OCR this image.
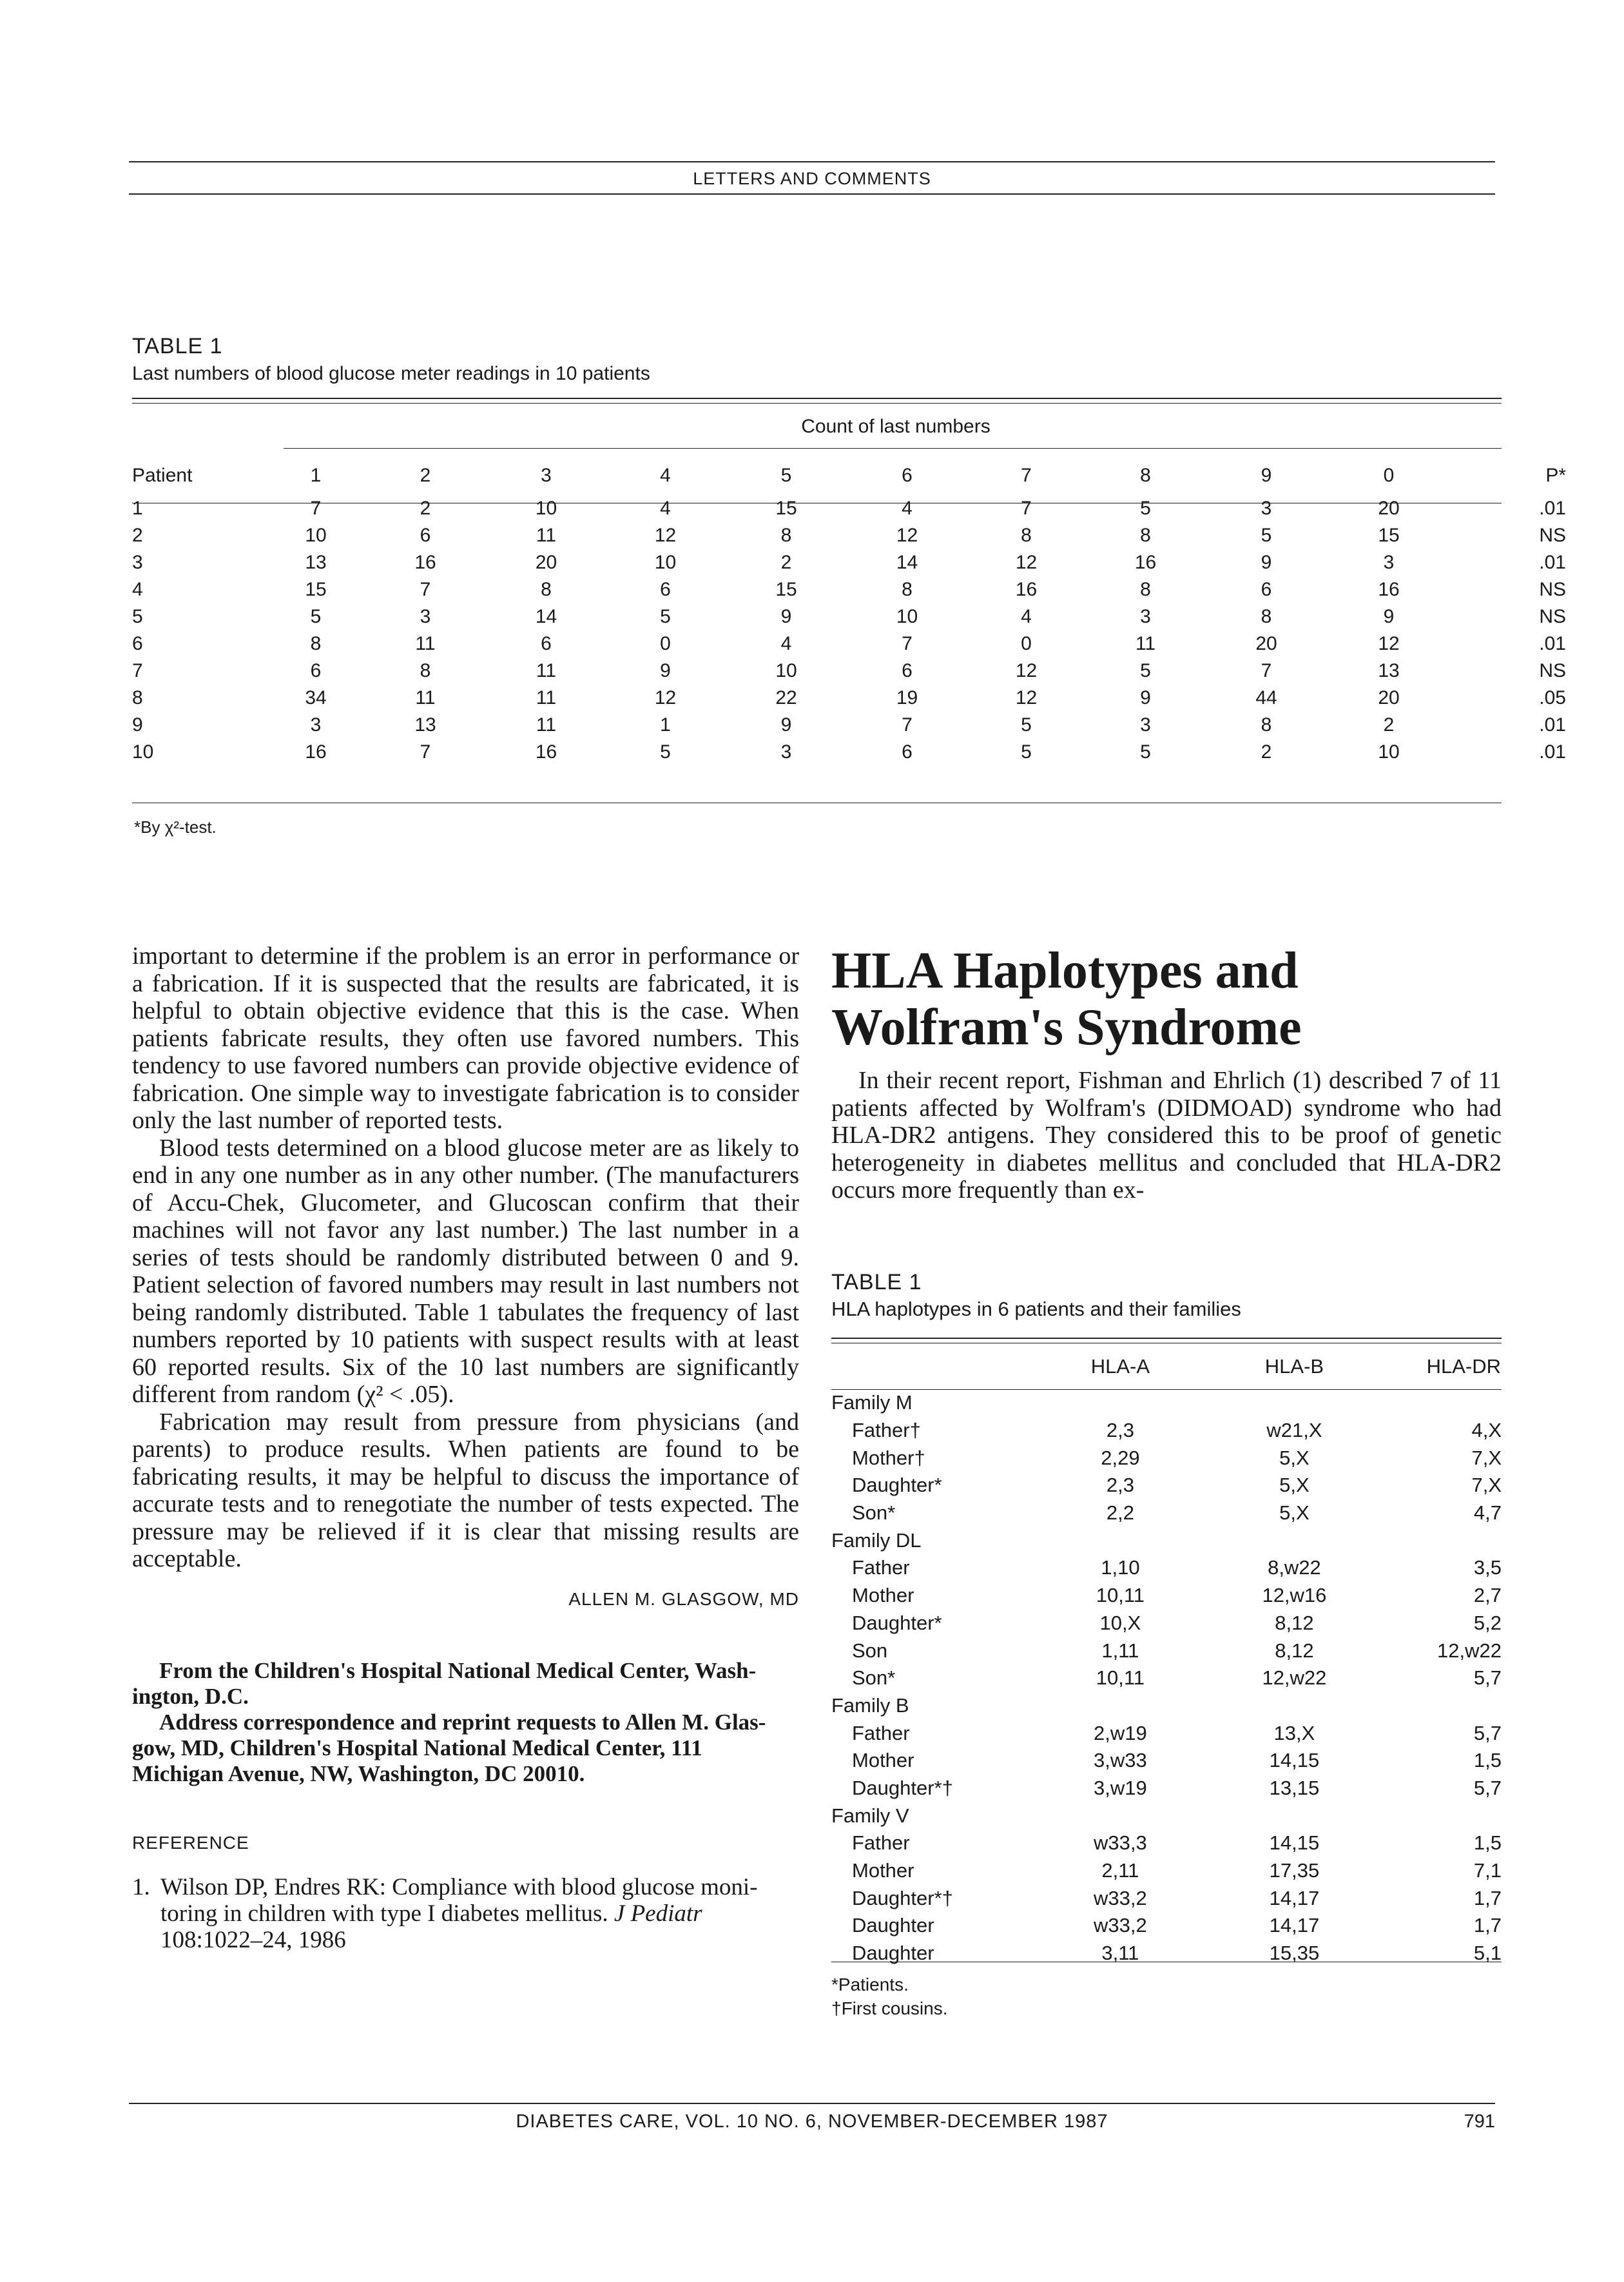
LETTERS AND COMMENTS
TABLE 1
Last numbers of blood glucose meter readings in 10 patients
Count of last numbers
Patient	1	2	3	4	5	6	7	8	9	0	P*
1	7	2	10	4	15	4	7	5	3	20	.01
2	10	6	11	12	8	12	8	8	5	15	NS
3	13	16	20	10	2	14	12	16	9	3	.01
4	15	7	8	6	15	8	16	8	6	16	NS
5	5	3	14	5	9	10	4	3	8	9	NS
6	8	11	6	0	4	7	0	11	20	12	.01
7	6	8	11	9	10	6	12	5	7	13	NS
8	34	11	11	12	22	19	12	9	44	20	.05
9	3	13	11	1	9	7	5	3	8	2	.01
10	16	7	16	5	3	6	5	5	2	10	.01
*By χ²-test.

important to determine if the problem is an error in performance or a fabrication. If it is suspected that the results are fabricated, it is helpful to obtain objective evidence that this is the case. When patients fabricate results, they often use favored numbers. This tendency to use favored numbers can provide objective evidence of fabrication. One simple way to investigate fabrication is to consider only the last number of reported tests.

Blood tests determined on a blood glucose meter are as likely to end in any one number as in any other number. (The manufacturers of Accu-Chek, Glucometer, and Glucoscan confirm that their machines will not favor any last number.) The last number in a series of tests should be randomly distributed between 0 and 9. Patient selection of favored numbers may result in last numbers not being randomly distributed. Table 1 tabulates the frequency of last numbers reported by 10 patients with suspect results with at least 60 reported results. Six of the 10 last numbers are significantly different from random (χ² < .05).

Fabrication may result from pressure from physicians (and parents) to produce results. When patients are found to be fabricating results, it may be helpful to discuss the importance of accurate tests and to renegotiate the number of tests expected. The pressure may be relieved if it is clear that missing results are acceptable.

ALLEN M. GLASGOW, MD

From the Children's Hospital National Medical Center, Washington, D.C.

Address correspondence and reprint requests to Allen M. Glasgow, MD, Children's Hospital National Medical Center, 111 Michigan Avenue, NW, Washington, DC 20010.

REFERENCE

1. Wilson DP, Endres RK: Compliance with blood glucose monitoring in children with type I diabetes mellitus. J Pediatr 108:1022–24, 1986
HLA Haplotypes and
Wolfram's Syndrome

In their recent report, Fishman and Ehrlich (1) described 7 of 11 patients affected by Wolfram's (DIDMOAD) syndrome who had HLA-DR2 antigens. They considered this to be proof of genetic heterogeneity in diabetes mellitus and concluded that HLA-DR2 occurs more frequently than ex-

TABLE 1
HLA haplotypes in 6 patients and their families
	HLA-A	HLA-B	HLA-DR
Family M			
Father†	2,3	w21,X	4,X
Mother†	2,29	5,X	7,X
Daughter*	2,3	5,X	7,X
Son*	2,2	5,X	4,7
Family DL			
Father	1,10	8,w22	3,5
Mother	10,11	12,w16	2,7
Daughter*	10,X	8,12	5,2
Son	1,11	8,12	12,w22
Son*	10,11	12,w22	5,7
Family B			
Father	2,w19	13,X	5,7
Mother	3,w33	14,15	1,5
Daughter*†	3,w19	13,15	5,7
Family V			
Father	w33,3	14,15	1,5
Mother	2,11	17,35	7,1
Daughter*†	w33,2	14,17	1,7
Daughter	w33,2	14,17	1,7
Daughter	3,11	15,35	5,1
*Patients.
†First cousins.
DIABETES CARE, VOL. 10 NO. 6, NOVEMBER-DECEMBER 1987	791
